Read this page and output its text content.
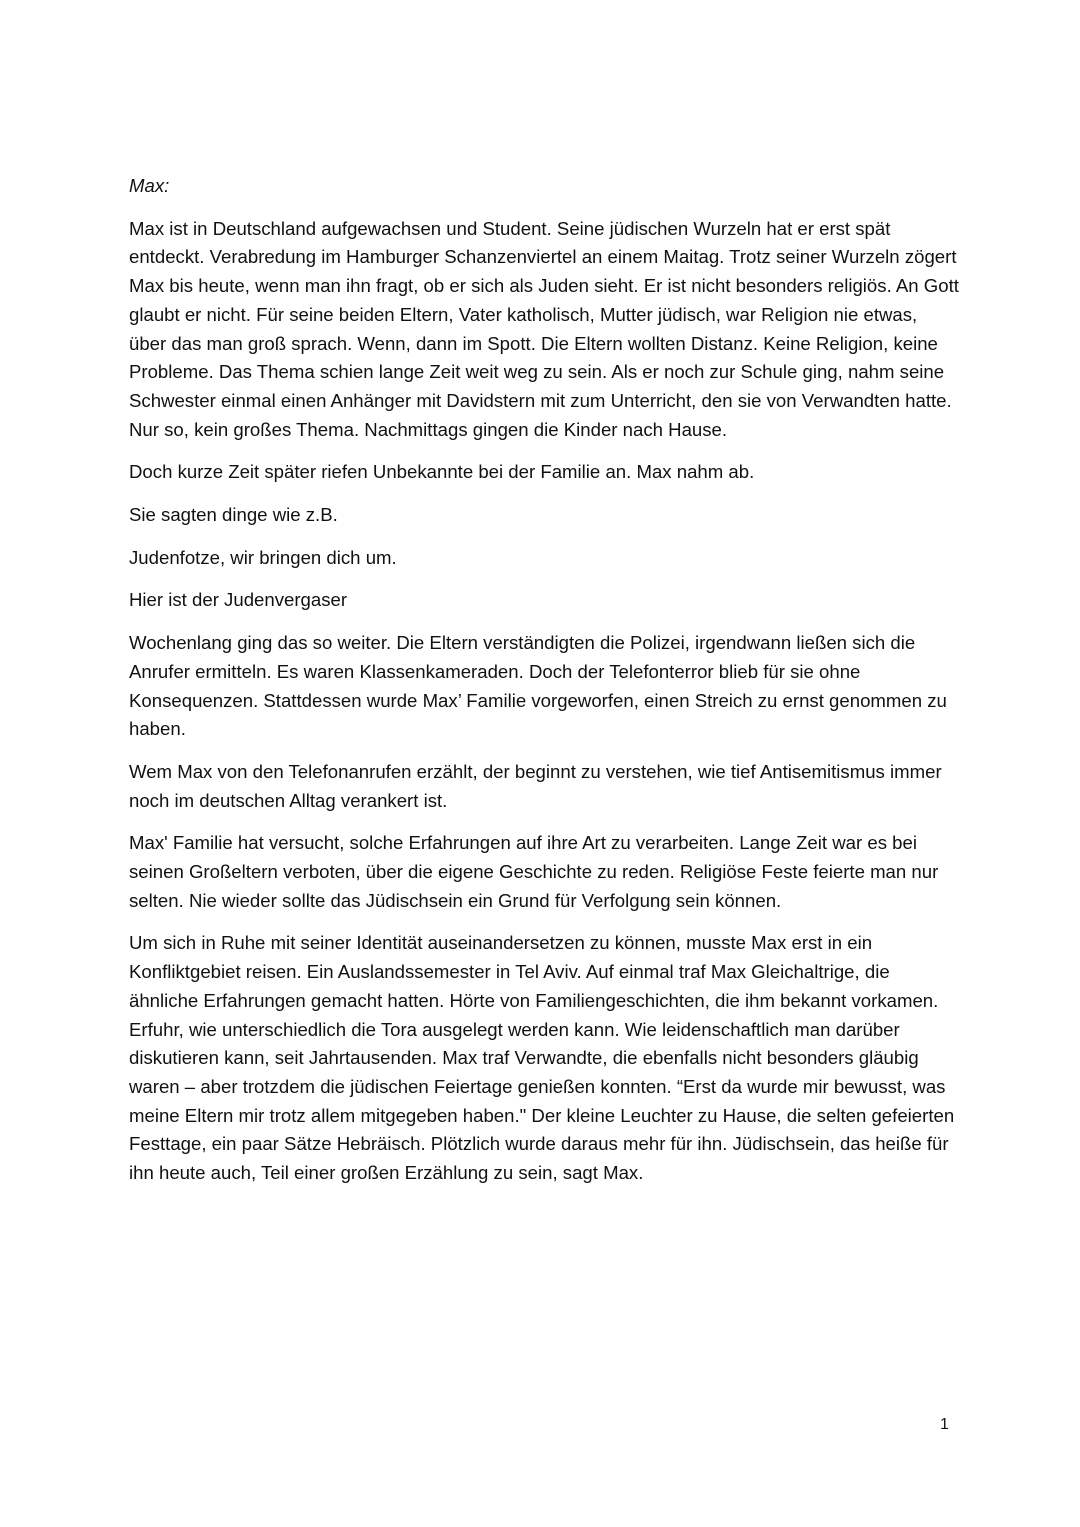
Max:

Max ist in Deutschland aufgewachsen und Student. Seine jüdischen Wurzeln hat er erst spät entdeckt. Verabredung im Hamburger Schanzenviertel an einem Maitag. Trotz seiner Wurzeln zögert Max bis heute, wenn man ihn fragt, ob er sich als Juden sieht. Er ist nicht besonders religiös. An Gott glaubt er nicht. Für seine beiden Eltern, Vater katholisch, Mutter jüdisch, war Religion nie etwas, über das man groß sprach. Wenn, dann im Spott. Die Eltern wollten Distanz. Keine Religion, keine Probleme. Das Thema schien lange Zeit weit weg zu sein. Als er noch zur Schule ging, nahm seine Schwester einmal einen Anhänger mit Davidstern mit zum Unterricht, den sie von Verwandten hatte. Nur so, kein großes Thema. Nachmittags gingen die Kinder nach Hause.

Doch kurze Zeit später riefen Unbekannte bei der Familie an. Max nahm ab.

Sie sagten dinge wie z.B.

Judenfotze, wir bringen dich um.

Hier ist der Judenvergaser

Wochenlang ging das so weiter. Die Eltern verständigten die Polizei, irgendwann ließen sich die Anrufer ermitteln. Es waren Klassenkameraden. Doch der Telefonterror blieb für sie ohne Konsequenzen. Stattdessen wurde Max’ Familie vorgeworfen, einen Streich zu ernst genommen zu haben.

Wem Max von den Telefonanrufen erzählt, der beginnt zu verstehen, wie tief Antisemitismus immer noch im deutschen Alltag verankert ist.

Max' Familie hat versucht, solche Erfahrungen auf ihre Art zu verarbeiten. Lange Zeit war es bei seinen Großeltern verboten, über die eigene Geschichte zu reden. Religiöse Feste feierte man nur selten. Nie wieder sollte das Jüdischsein ein Grund für Verfolgung sein können.

Um sich in Ruhe mit seiner Identität auseinandersetzen zu können, musste Max erst in ein Konfliktgebiet reisen. Ein Auslandssemester in Tel Aviv. Auf einmal traf Max Gleichaltrige, die ähnliche Erfahrungen gemacht hatten. Hörte von Familiengeschichten, die ihm bekannt vorkamen. Erfuhr, wie unterschiedlich die Tora ausgelegt werden kann. Wie leidenschaftlich man darüber diskutieren kann, seit Jahrtausenden. Max traf Verwandte, die ebenfalls nicht besonders gläubig waren – aber trotzdem die jüdischen Feiertage genießen konnten. “Erst da wurde mir bewusst, was meine Eltern mir trotz allem mitgegeben haben." Der kleine Leuchter zu Hause, die selten gefeierten Festtage, ein paar Sätze Hebräisch. Plötzlich wurde daraus mehr für ihn. Jüdischsein, das heiße für ihn heute auch, Teil einer großen Erzählung zu sein, sagt Max.

1
